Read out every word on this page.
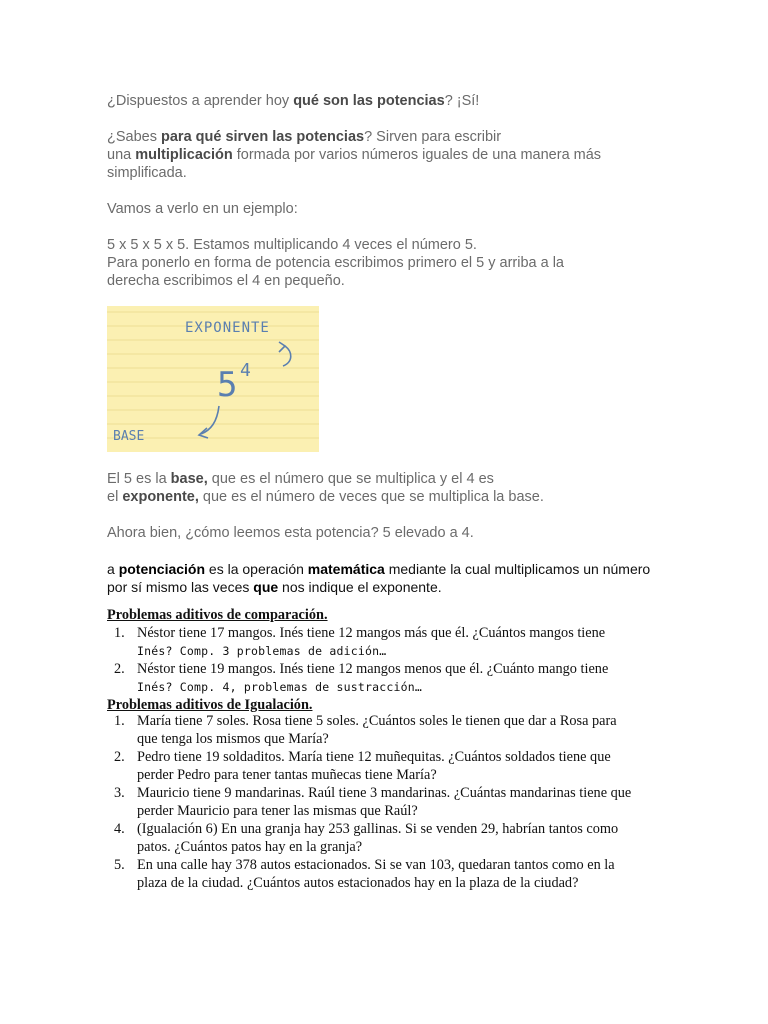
¿Dispuestos a aprender hoy qué son las potencias? ¡Sí!

¿Sabes para qué sirven las potencias? Sirven para escribir
una multiplicación formada por varios números iguales de una manera más
simplificada.

Vamos a verlo en un ejemplo:

5 x 5 x 5 x 5. Estamos multiplicando 4 veces el número 5.
Para ponerlo en forma de potencia escribimos primero el 5 y arriba a la
derecha escribimos el 4 en pequeño.

EXPONENTE
BASE
5 4

El 5 es la base, que es el número que se multiplica y el 4 es
el exponente, que es el número de veces que se multiplica la base.

Ahora bien, ¿cómo leemos esta potencia? 5 elevado a 4.

a potenciación es la operación matemática mediante la cual multiplicamos un número
por sí mismo las veces que nos indique el exponente.

Problemas aditivos de comparación.

1. Néstor tiene 17 mangos. Inés tiene 12 mangos más que él. ¿Cuántos mangos tiene
Inés? Comp. 3 problemas de adición…
2. Néstor tiene 19 mangos. Inés tiene 12 mangos menos que él. ¿Cuánto mango tiene
Inés? Comp. 4, problemas de sustracción…

Problemas aditivos de Igualación.

1. María tiene 7 soles. Rosa tiene 5 soles. ¿Cuántos soles le tienen que dar a Rosa para
que tenga los mismos que María?
2. Pedro tiene 19 soldaditos. María tiene 12 muñequitas. ¿Cuántos soldados tiene que
perder Pedro para tener tantas muñecas tiene María?
3. Mauricio tiene 9 mandarinas. Raúl tiene 3 mandarinas. ¿Cuántas mandarinas tiene que
perder Mauricio para tener las mismas que Raúl?
4. (Igualación 6) En una granja hay 253 gallinas. Si se venden 29, habrían tantos como
patos. ¿Cuántos patos hay en la granja?
5. En una calle hay 378 autos estacionados. Si se van 103, quedaran tantos como en la
plaza de la ciudad. ¿Cuántos autos estacionados hay en la plaza de la ciudad?
